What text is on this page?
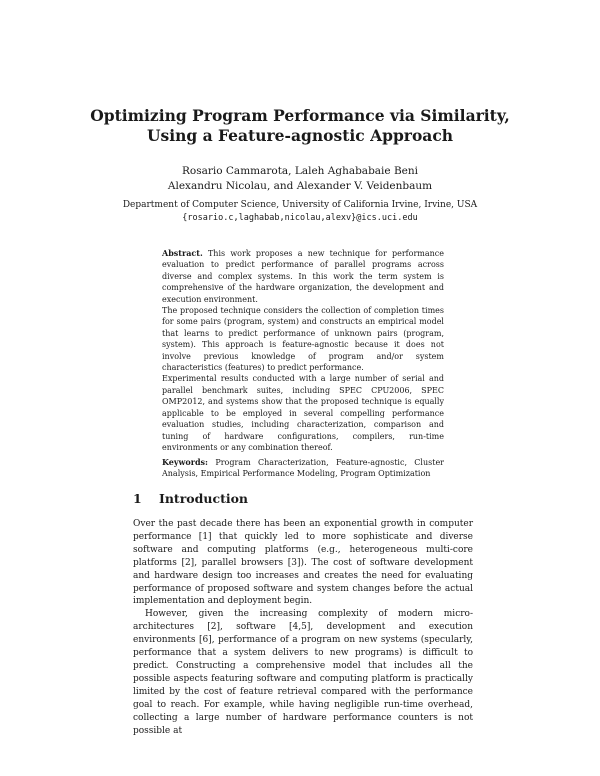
Optimizing Program Performance via Similarity,
Using a Feature-agnostic Approach
Rosario Cammarota, Laleh Aghababaie Beni
Alexandru Nicolau, and Alexander V. Veidenbaum
Department of Computer Science, University of California Irvine, Irvine, USA
{rosario.c,laghabab,nicolau,alexv}@ics.uci.edu

Abstract. This work proposes a new technique for performance evaluation to predict performance of parallel programs across diverse and complex systems. In this work the term system is comprehensive of the hardware organization, the development and execution environment.

The proposed technique considers the collection of completion times for some pairs (program, system) and constructs an empirical model that learns to predict performance of unknown pairs (program, system). This approach is feature-agnostic because it does not involve previous knowledge of program and/or system characteristics (features) to predict performance.

Experimental results conducted with a large number of serial and parallel benchmark suites, including SPEC CPU2006, SPEC OMP2012, and systems show that the proposed technique is equally applicable to be employed in several compelling performance evaluation studies, including characterization, comparison and tuning of hardware configurations, compilers, run-time environments or any combination thereof.

Keywords: Program Characterization, Feature-agnostic, Cluster Analysis, Empirical Performance Modeling, Program Optimization
1 Introduction

Over the past decade there has been an exponential growth in computer performance [1] that quickly led to more sophisticate and diverse software and computing platforms (e.g., heterogeneous multi-core platforms [2], parallel browsers [3]). The cost of software development and hardware design too increases and creates the need for evaluating performance of proposed software and system changes before the actual implementation and deployment begin.

However, given the increasing complexity of modern micro-architectures [2], software [4,5], development and execution environments [6], performance of a program on new systems (specularly, performance that a system delivers to new programs) is difficult to predict. Constructing a comprehensive model that includes all the possible aspects featuring software and computing platform is practically limited by the cost of feature retrieval compared with the performance goal to reach. For example, while having negligible run-time overhead, collecting a large number of hardware performance counters is not possible at
